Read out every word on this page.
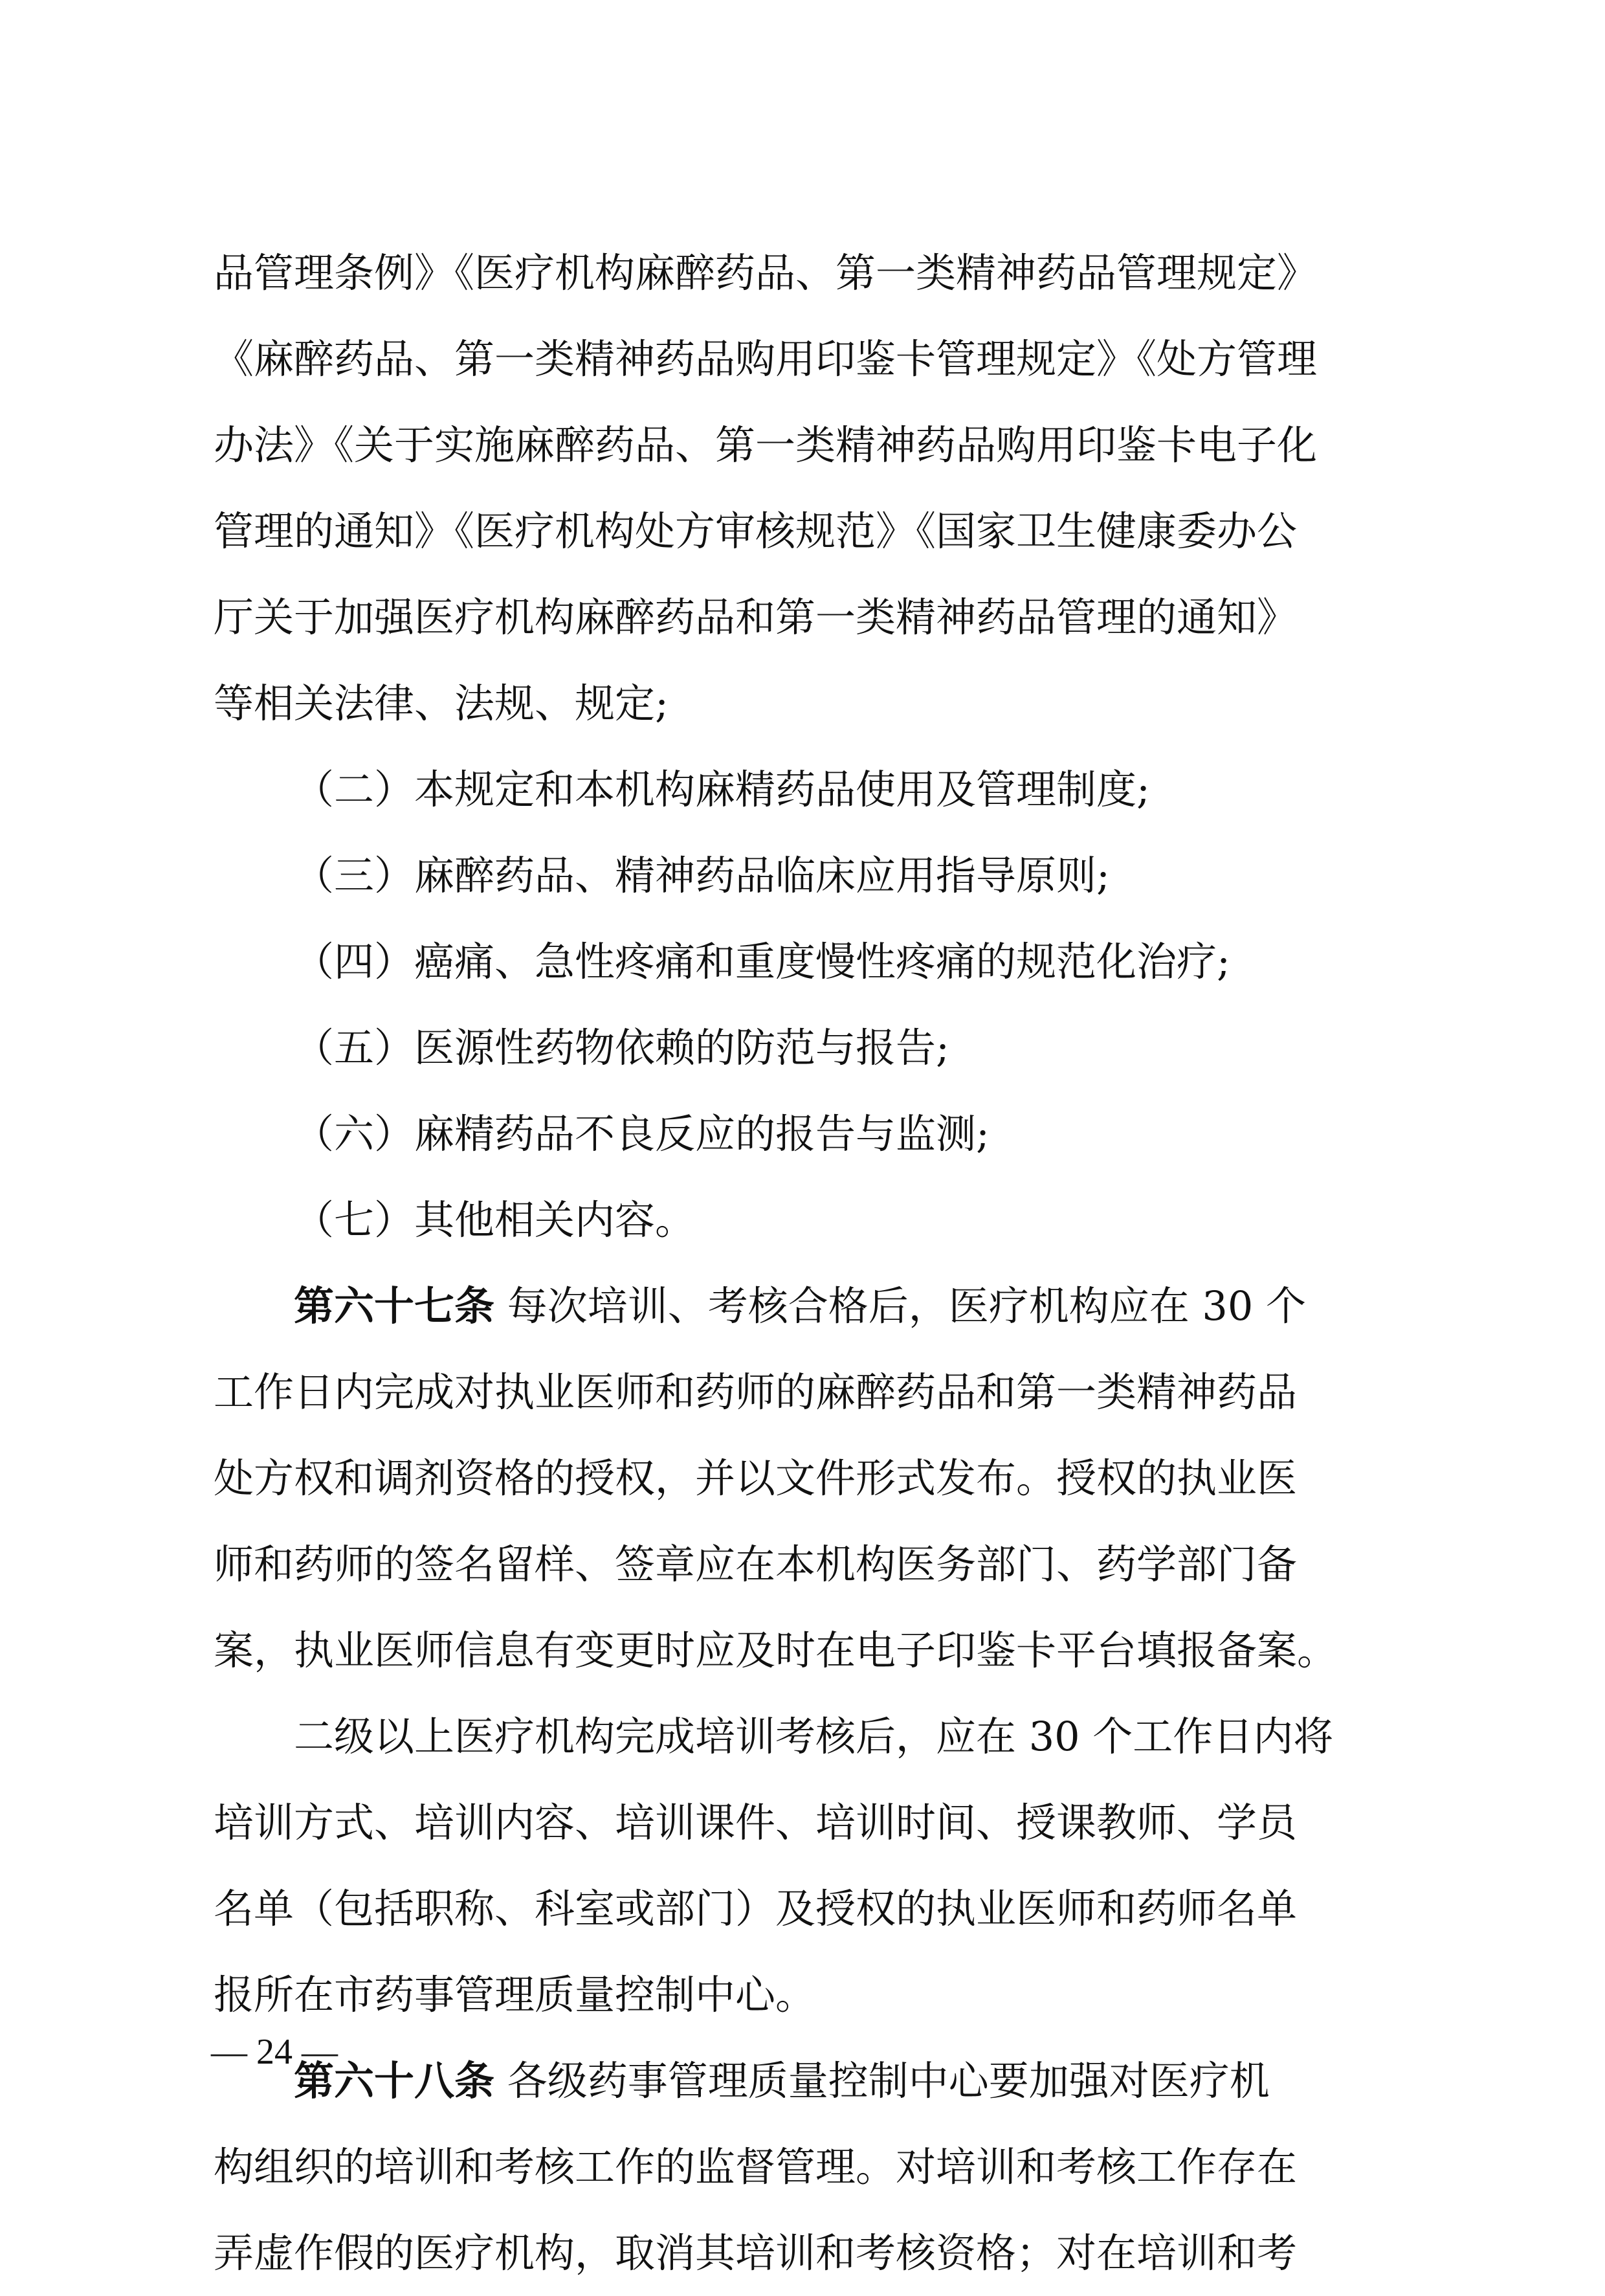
品管理条例》《医疗机构麻醉药品、第一类精神药品管理规定》
《麻醉药品、第一类精神药品购用印鉴卡管理规定》《处方管理
办法》《关于实施麻醉药品、第一类精神药品购用印鉴卡电子化
管理的通知》《医疗机构处方审核规范》《国家卫生健康委办公
厅关于加强医疗机构麻醉药品和第一类精神药品管理的通知》
等相关法律、法规、规定;
（二）本规定和本机构麻精药品使用及管理制度;
（三）麻醉药品、精神药品临床应用指导原则;
（四）癌痛、急性疼痛和重度慢性疼痛的规范化治疗;
（五）医源性药物依赖的防范与报告;
（六）麻精药品不良反应的报告与监测;
（七）其他相关内容。
第六十七条 每次培训、考核合格后，医疗机构应在 30 个
工作日内完成对执业医师和药师的麻醉药品和第一类精神药品
处方权和调剂资格的授权，并以文件形式发布。授权的执业医
师和药师的签名留样、签章应在本机构医务部门、药学部门备
案，执业医师信息有变更时应及时在电子印鉴卡平台填报备案。
二级以上医疗机构完成培训考核后，应在 30 个工作日内将
培训方式、培训内容、培训课件、培训时间、授课教师、学员
名单（包括职称、科室或部门）及授权的执业医师和药师名单
报所在市药事管理质量控制中心。
第六十八条 各级药事管理质量控制中心要加强对医疗机
构组织的培训和考核工作的监督管理。对培训和考核工作存在
弄虚作假的医疗机构，取消其培训和考核资格；对在培训和考
— 24 —
